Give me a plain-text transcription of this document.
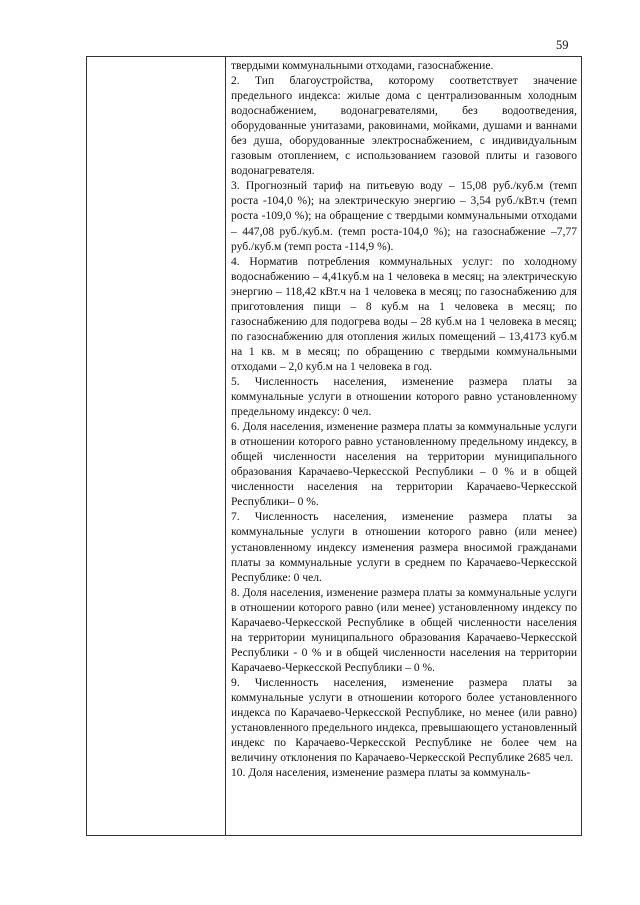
59

твердыми коммунальными отходами, газоснабжение.

2. Тип благоустройства, которому соответствует значение предельного индекса: жилые дома с централизованным холодным водоснабжением, водонагревателями, без водоотведения, оборудованные унитазами, раковинами, мойками, душами и ваннами без душа, оборудованные электроснабжением, с индивидуальным газовым отоплением, с использованием газовой плиты и газового водонагревателя.

3. Прогнозный тариф на питьевую воду – 15,08 руб./куб.м (темп роста -104,0 %); на электрическую энергию – 3,54 руб./кВт.ч (темп роста -109,0 %); на обращение с твердыми коммунальными отходами – 447,08 руб./куб.м. (темп роста-104,0 %); на газоснабжение –7,77 руб./куб.м (темп роста -114,9 %).

4. Норматив потребления коммунальных услуг: по холодному водоснабжению – 4,41куб.м на 1 человека в месяц; на электрическую энергию – 118,42 кВт.ч на 1 человека в месяц; по газоснабжению для приготовления пищи – 8 куб.м на 1 человека в месяц; по газоснабжению для подогрева воды – 28 куб.м на 1 человека в месяц; по газоснабжению для отопления жилых помещений – 13,4173 куб.м на 1 кв. м в месяц; по обращению с твердыми коммунальными отходами – 2,0 куб.м на 1 человека в год.

5. Численность населения, изменение размера платы за коммунальные услуги в отношении которого равно установленному предельному индексу: 0 чел.

6. Доля населения, изменение размера платы за коммунальные услуги в отношении которого равно установленному предельному индексу, в общей численности населения на территории муниципального образования Карачаево-Черкесской Республики – 0 % и в общей численности населения на территории Карачаево-Черкесской Республики– 0 %.

7. Численность населения, изменение размера платы за коммунальные услуги в отношении которого равно (или менее) установленному индексу изменения размера вносимой гражданами платы за коммунальные услуги в среднем по Карачаево-Черкесской Республике: 0 чел.

8. Доля населения, изменение размера платы за коммунальные услуги в отношении которого равно (или менее) установленному индексу по Карачаево-Черкесской Республике в общей численности населения на территории муниципального образования Карачаево-Черкесской Республики - 0 % и в общей численности населения на территории Карачаево-Черкесской Республики – 0 %.

9. Численность населения, изменение размера платы за коммунальные услуги в отношении которого более установленного индекса по Карачаево-Черкесской Республике, но менее (или равно) установленного предельного индекса, превышающего установленный индекс по Карачаево-Черкесской Республике не более чем на величину отклонения по Карачаево-Черкесской Республике 2685 чел.

10. Доля населения, изменение размера платы за коммуналь-
